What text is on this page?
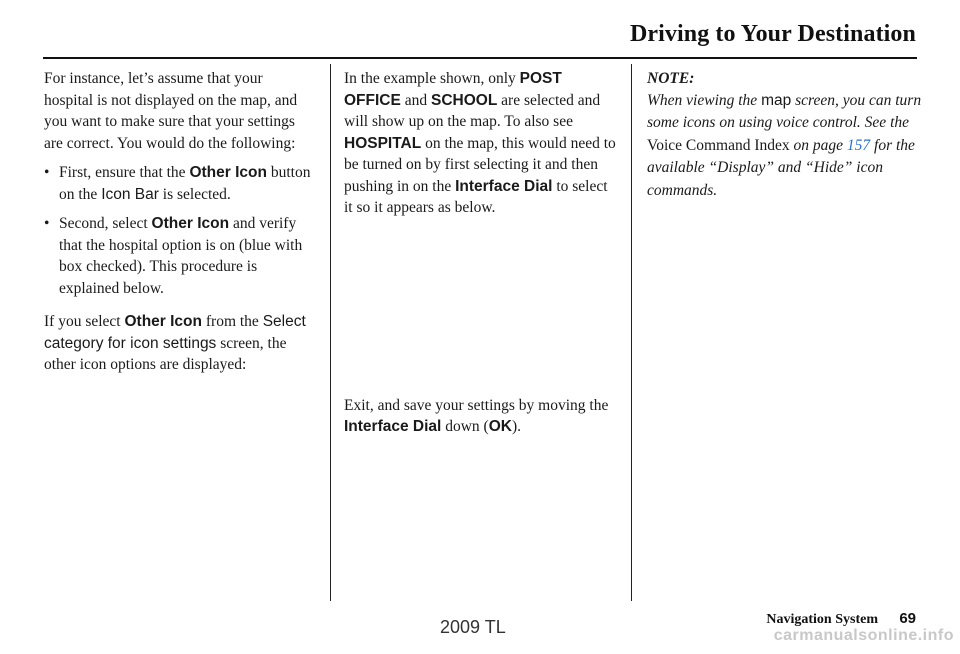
Driving to Your Destination

For instance, let’s assume that your hospital is not displayed on the map, and you want to make sure that your settings are correct. You would do the following:

• First, ensure that the Other Icon button on the Icon Bar is selected.
• Second, select Other Icon and verify that the hospital option is on (blue with box checked). This procedure is explained below.

If you select Other Icon from the Select category for icon settings screen, the other icon options are displayed:

In the example shown, only POST OFFICE and SCHOOL are selected and will show up on the map. To also see HOSPITAL on the map, this would need to be turned on by first selecting it and then pushing in on the Interface Dial to select it so it appears as below.

Exit, and save your settings by moving the Interface Dial down (OK).

NOTE:

When viewing the map screen, you can turn some icons on using voice control. See the Voice Command Index on page 157 for the available “Display” and “Hide” icon commands.

Navigation System 69
2009 TL	carmanualsonline.info
